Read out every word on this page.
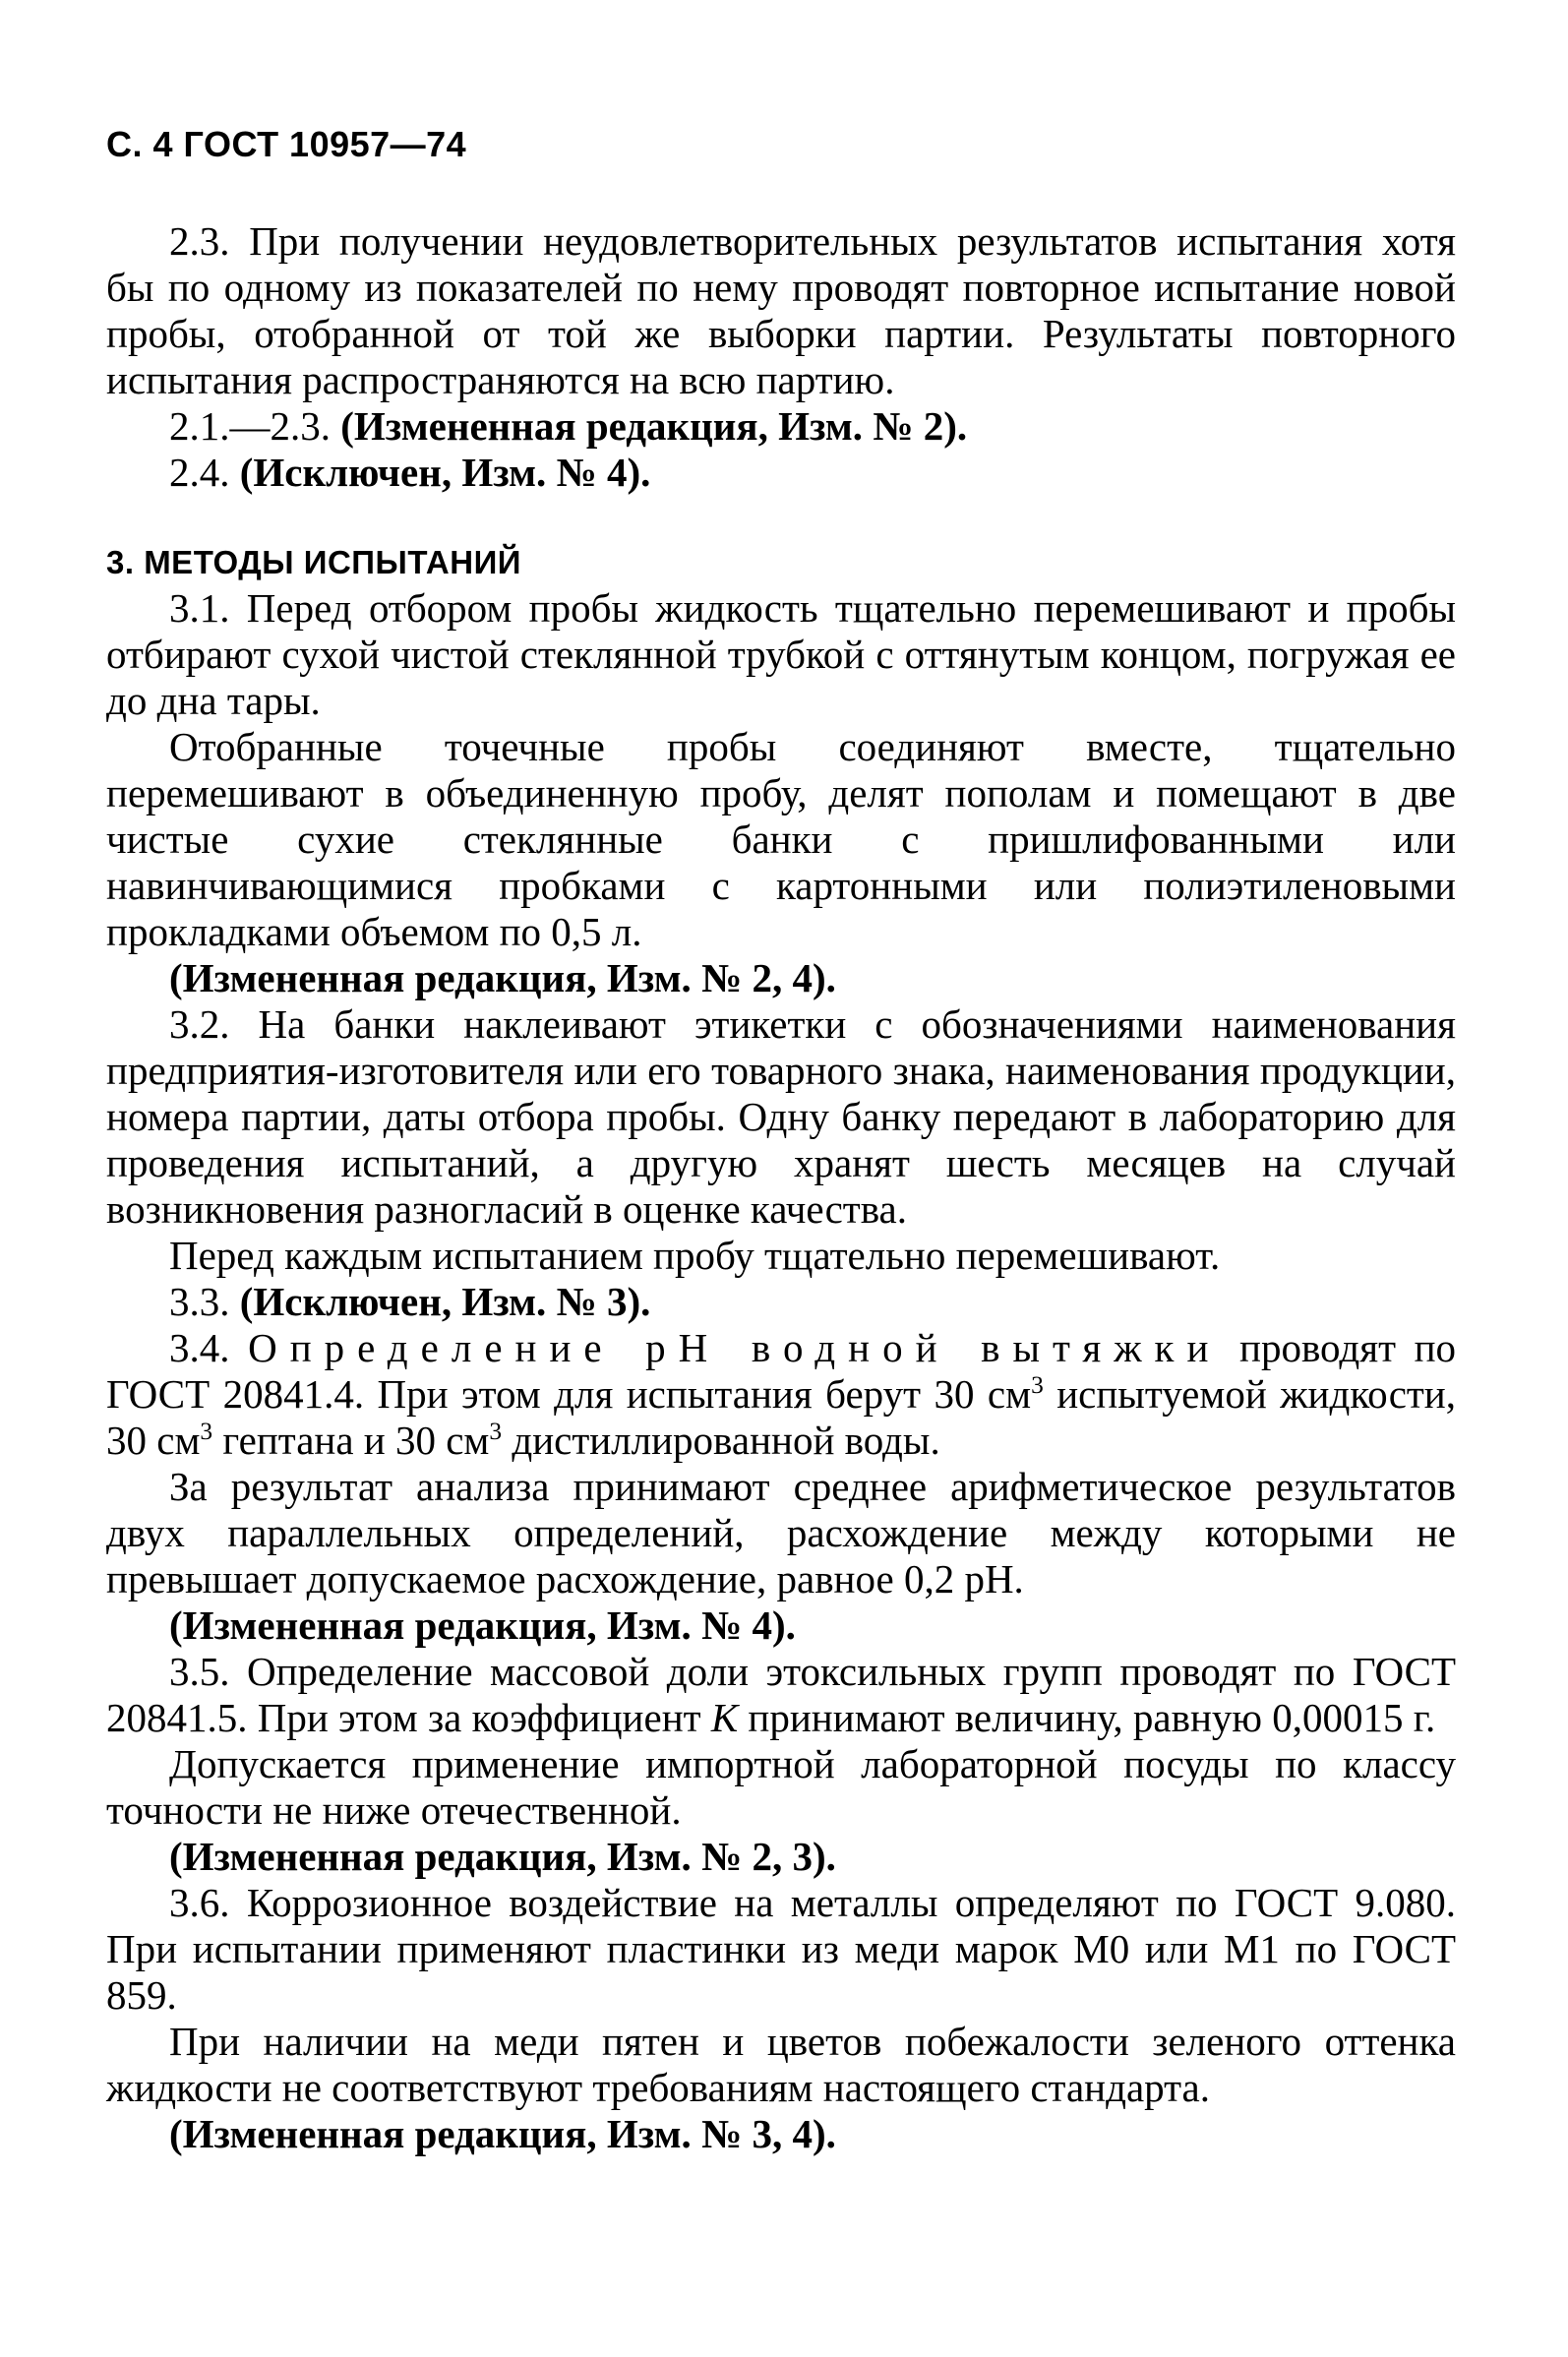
С. 4 ГОСТ 10957—74

2.3. При получении неудовлетворительных результатов испытания хотя бы по одному из показателей по нему проводят повторное испытание новой пробы, отобранной от той же выборки партии. Результаты повторного испытания распространяются на всю партию.

2.1.—2.3. (Измененная редакция, Изм. № 2).

2.4. (Исключен, Изм. № 4).

3. МЕТОДЫ ИСПЫТАНИЙ

3.1. Перед отбором пробы жидкость тщательно перемешивают и пробы отбирают сухой чистой стеклянной трубкой с оттянутым концом, погружая ее до дна тары.

Отобранные точечные пробы соединяют вместе, тщательно перемешивают в объединенную пробу, делят пополам и помещают в две чистые сухие стеклянные банки с пришлифованными или навинчивающимися пробками с картонными или полиэтиленовыми прокладками объемом по 0,5 л.

(Измененная редакция, Изм. № 2, 4).

3.2. На банки наклеивают этикетки с обозначениями наименования предприятия-изготовителя или его товарного знака, наименования продукции, номера партии, даты отбора пробы. Одну банку передают в лабораторию для проведения испытаний, а другую хранят шесть месяцев на случай возникновения разногласий в оценке качества.

Перед каждым испытанием пробу тщательно перемешивают.

3.3. (Исключен, Изм. № 3).

3.4. Определение рН водной вытяжки проводят по ГОСТ 20841.4. При этом для испытания берут 30 $см^3$ испытуемой жидкости, 30 $см^3$ гептана и 30 $см^3$ дистиллированной воды.

За результат анализа принимают среднее арифметическое результатов двух параллельных определений, расхождение между которыми не превышает допускаемое расхождение, равное 0,2 рН.

(Измененная редакция, Изм. № 4).

3.5. Определение массовой доли этоксильных групп проводят по ГОСТ 20841.5. При этом за коэффициент K принимают величину, равную 0,00015 г.

Допускается применение импортной лабораторной посуды по классу точности не ниже отечественной.

(Измененная редакция, Изм. № 2, 3).

3.6. Коррозионное воздействие на металлы определяют по ГОСТ 9.080. При испытании применяют пластинки из меди марок М0 или М1 по ГОСТ 859.

При наличии на меди пятен и цветов побежалости зеленого оттенка жидкости не соответствуют требованиям настоящего стандарта.

(Измененная редакция, Изм. № 3, 4).
